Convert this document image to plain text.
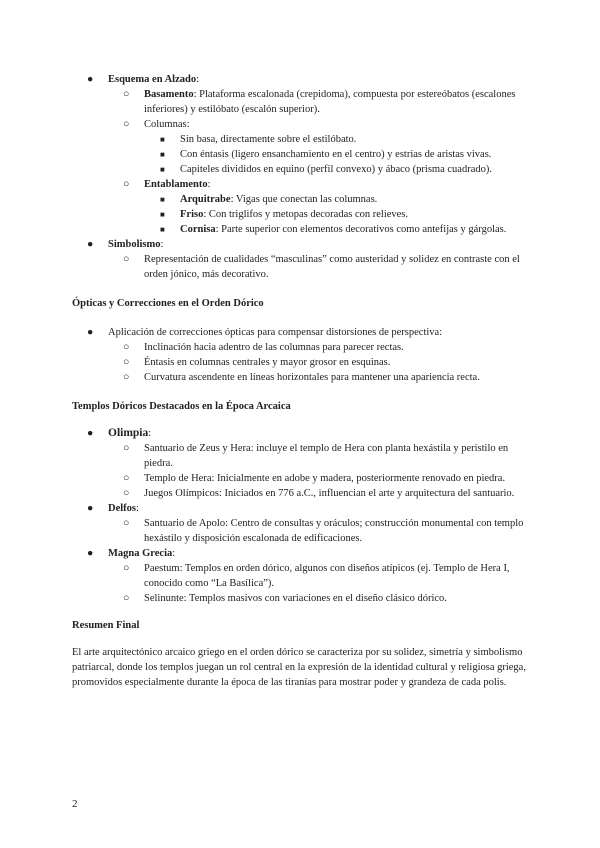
● Esquema en Alzado:
○ Basamento: Plataforma escalonada (crepidoma), compuesta por estereóbatos (escalones inferiores) y estilóbato (escalón superior).
○ Columnas:
■ Sin basa, directamente sobre el estilóbato.
■ Con éntasis (ligero ensanchamiento en el centro) y estrias de aristas vivas.
■ Capiteles divididos en equino (perfil convexo) y ábaco (prisma cuadrado).
○ Entablamento:
■ Arquitrabe: Vigas que conectan las columnas.
■ Friso: Con triglifos y metopas decoradas con relieves.
■ Cornisa: Parte superior con elementos decorativos como antefijas y gárgolas.
● Simbolismo:
○ Representación de cualidades “masculinas” como austeridad y solidez en contraste con el orden jónico, más decorativo.
Ópticas y Correcciones en el Orden Dórico
● Aplicación de correcciones ópticas para compensar distorsiones de perspectiva:
○ Inclinación hacia adentro de las columnas para parecer rectas.
○ Éntasis en columnas centrales y mayor grosor en esquinas.
○ Curvatura ascendente en líneas horizontales para mantener una apariencia recta.
Templos Dóricos Destacados en la Época Arcaica
● Olimpia:
○ Santuario de Zeus y Hera: incluye el templo de Hera con planta hexástila y peristilo en piedra.
○ Templo de Hera: Inicialmente en adobe y madera, posteriormente renovado en piedra.
○ Juegos Olímpicos: Iniciados en 776 a.C., influencian el arte y arquitectura del santuario.
● Delfos:
○ Santuario de Apolo: Centro de consultas y oráculos; construcción monumental con templo hexástilo y disposición escalonada de edificaciones.
● Magna Grecia:
○ Paestum: Templos en orden dórico, algunos con diseños atípicos (ej. Templo de Hera I, conocido como “La Basílica”).
○ Selinunte: Templos masivos con variaciones en el diseño clásico dórico.
Resumen Final

El arte arquitectónico arcaico griego en el orden dórico se caracteriza por su solidez, simetría y simbolismo patriarcal, donde los templos juegan un rol central en la expresión de la identidad cultural y religiosa griega, promovidos especialmente durante la época de las tiranías para mostrar poder y grandeza de cada polis.

2
